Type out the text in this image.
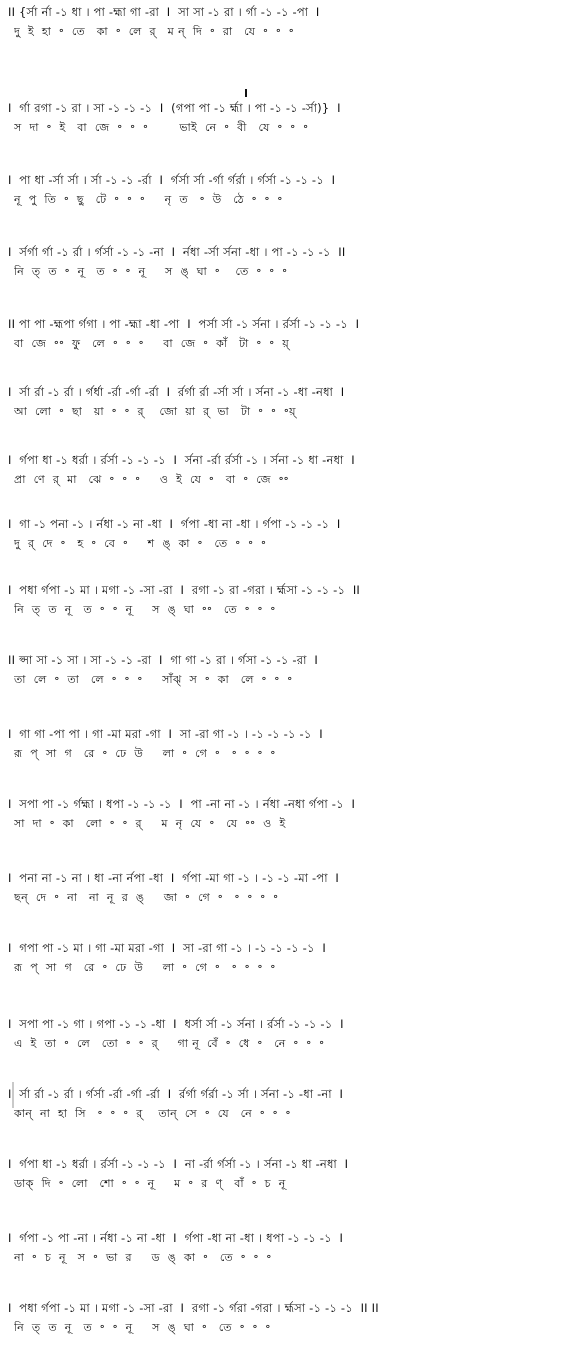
II {র্সা র্না -১ ধা । পা -হ্মা গা -রা  I  সা সা -১ রা । র্গা -১ -১ -পা  I
দু  ই  হা  ॰  তে   কা  ॰  লে  র্   ম ন্  দি  ॰  রা   যে  ॰  ॰  ॰
I  র্গা রগা -১ রা । সা -১ -১ -১  I  (গপা পা -১ র্হ্মা । পা -১ -১ -র্সা)}  I
স  দা  ॰  ই   বা  জে  ॰  ॰  ॰        ভাই  নে  ॰  বী   যে  ॰  ॰  ॰
I  পা ধা -র্সা র্সা । র্সা -১ -১ -র্রা  I  র্গর্সা র্সা -র্গা র্গর্রা । র্গর্সা -১ -১ -১  I
নূ  পু  তি  ॰  ছু   টে  ॰  ॰  ॰     নৃ  ত   ॰  উ   ঠে  ॰  ॰  ॰
I  র্সর্গা র্গা -১ র্রা । র্গর্সা -১ -১ -না  I  র্নধা -র্সা র্সনা -ধা । পা -১ -১ -১  II
নি  ত্  ত  ॰  নূ   ত  ॰  ॰  নূ     স  ঙ্  ঘা  ॰    তে  ॰  ॰  ॰
II পা পা -হ্মপা র্গগা । পা -হ্মা -ধা -পা  I  পর্সা র্সা -১ র্সনা । র্রর্সা -১ -১ -১  I
বা  জে  ॰॰  ফু   লে  ॰  ॰  ॰     বা  জে  ॰  কাঁ   টা  ॰  ॰  য়্
I  র্সা র্রা -১ র্রা । র্গর্ধা -র্রা -র্গা -র্রা  I  র্রর্গা র্রা -র্সা র্সা । র্সনা -১ -ধা -নধা  I
আ  লো  ॰  ছা   য়া  ॰  ॰  র্    জো  য়া  র্  ভা   টা  ॰  ॰  ॰য়্
I  র্গপা ধা -১ ধর্রা । র্রর্সা -১ -১ -১  I  র্সনা -র্রা র্রর্সা -১ । র্সনা -১ ধা -নধা  I
প্রা  ণে  র্  মা   ঝে  ॰  ॰  ॰     ও  ই  যে  ॰   বা  ॰  জে  ॰॰
I  গা -১ পনা -১ । র্নধা -১ না -ধা  I  র্গপা -ধা না -ধা । র্গপা -১ -১ -১  I
দু  র্  দে  ॰   হ  ॰  বে  ॰     শ  ঙ্  কা  ॰   তে  ॰  ॰  ॰
I  পধা র্গপা -১ মা । মগা -১ -সা -রা  I  রগা -১ রা -গরা । র্হ্মসা -১ -১ -১  II
নি  ত্  ত  নূ   ত  ॰  ॰  নূ     স  ঙ্  ঘা  ॰॰   তে  ॰  ॰  ॰
II প্সা সা -১ সা । সা -১ -১ -রা  I  গা গা -১ রা । র্গসা -১ -১ -রা  I
তা  লে  ॰  তা   লে  ॰  ॰  ॰     সাঁঝ্  স  ॰  কা   লে  ॰  ॰  ॰
I  গা গা -পা পা । গা -মা মরা -গা  I  সা -রা গা -১ । -১ -১ -১ -১  I
রূ  প্  সা  গ   রে  ॰  ঢে  উ     লা  ॰  গে  ॰   ॰  ॰  ॰  ॰
I  সপা পা -১ র্গহ্মা । ধপা -১ -১ -১  I  পা -না না -১ । র্নধা -নধা র্গপা -১  I
সা  দা  ॰  কা   লো  ॰  ॰  র্     ম  নৃ  যে  ॰   যে  ॰॰  ও  ই
I  পনা না -১ না । ধা -না র্নপা -ধা  I  র্গপা -মা গা -১ । -১ -১ -মা -পা  I
ছন্  দে  ॰  না   না  নূ  র  ঙ্     জা  ॰  গে  ॰   ॰  ॰  ॰  ॰
I  গপা পা -১ মা । গা -মা মরা -গা  I  সা -রা গা -১ । -১ -১ -১ -১  I
রূ  প্  সা  গ   রে  ॰  ঢে  উ     লা  ॰  গে  ॰   ॰  ॰  ॰  ॰
I  সপা পা -১ গা । গপা -১ -১ -ধা  I  ধর্সা র্সা -১ র্সনা । র্রর্সা -১ -১ -১  I
এ  ই  তা  ॰  লে   তো  ॰  ॰  র্     গা নূ  বেঁ  ॰  ধে  ॰   নে  ॰  ॰  ॰
I  র্সা র্রা -১ র্রা । র্গর্সা -র্রা -র্গা -র্রা  I  র্রর্গা র্গর্রা -১ র্সা । র্সনা -১ -ধা -না  I
কান্  না  হা  সি   ॰  ॰  ॰  র্    তান্  সে  ॰  যে   নে  ॰  ॰  ॰
I  র্গপা ধা -১ ধর্রা । র্রর্সা -১ -১ -১  I  না -র্রা র্গর্সা -১ । র্সনা -১ ধা -নধা  I
ডাক্  দি  ॰  লো   শো  ॰  ॰  নূ     ম  ॰  র  ণ্   বাঁ  ॰  চ  নূ
I  র্গপা -১ পা -না । র্নধা -১ না -ধা  I  র্গপা -ধা না -ধা । ধপা -১ -১ -১  I
না  ॰  চ  নূ   স  ॰  ভা  র     ড  ঙ্  কা  ॰   তে  ॰  ॰  ॰
I  পধা র্গপা -১ মা । মগা -১ -সা -রা  I  রগা -১ র্গরা -গরা । র্হ্মসা -১ -১ -১  II II
নি  ত্  ত  নূ   ত  ॰  ॰  নূ     স  ঙ্  ঘা  ॰   তে  ॰  ॰  ॰
